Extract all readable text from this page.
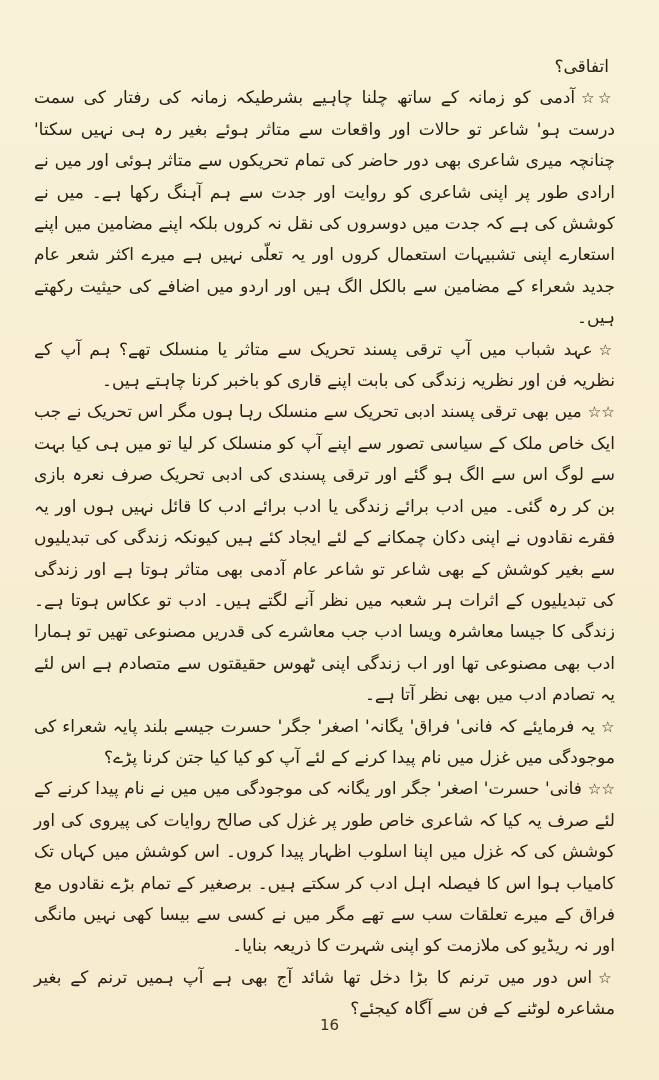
اتفاقی؟

☆☆آدمی کو زمانہ کے ساتھ چلنا چاہیے بشرطیکہ زمانہ کی رفتار کی سمت درست ہو' شاعر تو حالات اور واقعات سے متاثر ہوئے بغیر رہ ہی نہیں سکتا' چنانچہ میری شاعری بھی دور حاضر کی تمام تحریکوں سے متاثر ہوئی اور میں نے ارادی طور پر اپنی شاعری کو روایت اور جدت سے ہم آہنگ رکھا ہے۔ میں نے کوشش کی ہے کہ جدت میں دوسروں کی نقل نہ کروں بلکہ اپنے مضامین میں اپنے استعارے اپنی تشبیہات استعمال کروں اور یہ تعلّی نہیں ہے میرے اکثر شعر عام جدید شعراء کے مضامین سے بالکل الگ ہیں اور اردو میں اضافے کی حیثیت رکھتے ہیں۔

☆عہد شباب میں آپ ترقی پسند تحریک سے متاثر یا منسلک تھے؟ ہم آپ کے نظریہ فن اور نظریہ زندگی کی بابت اپنے قاری کو باخبر کرنا چاہتے ہیں۔

☆☆میں بھی ترقی پسند ادبی تحریک سے منسلک رہا ہوں مگر اس تحریک نے جب ایک خاص ملک کے سیاسی تصور سے اپنے آپ کو منسلک کر لیا تو میں ہی کیا بہت سے لوگ اس سے الگ ہو گئے اور ترقی پسندی کی ادبی تحریک صرف نعرہ بازی بن کر رہ گئی۔ میں ادب برائے زندگی یا ادب برائے ادب کا قائل نہیں ہوں اور یہ فقرے نقادوں نے اپنی دکان چمکانے کے لئے ایجاد کئے ہیں کیونکہ زندگی کی تبدیلیوں سے بغیر کوشش کے بھی شاعر تو شاعر عام آدمی بھی متاثر ہوتا ہے اور زندگی کی تبدیلیوں کے اثرات ہر شعبہ میں نظر آنے لگتے ہیں۔ ادب تو عکاس ہوتا ہے۔ زندگی کا جیسا معاشرہ ویسا ادب جب معاشرے کی قدریں مصنوعی تھیں تو ہمارا ادب بھی مصنوعی تھا اور اب زندگی اپنی ٹھوس حقیقتوں سے متصادم ہے اس لئے یہ تصادم ادب میں بھی نظر آتا ہے۔

☆یہ فرمایئے کہ فانی' فراق' یگانہ' اصغر' جگر' حسرت جیسے بلند پایہ شعراء کی موجودگی میں غزل میں نام پیدا کرنے کے لئے آپ کو کیا کیا جتن کرنا پڑے؟

☆☆فانی' حسرت' اصغر' جگر اور یگانہ کی موجودگی میں میں نے نام پیدا کرنے کے لئے صرف یہ کیا کہ شاعری خاص طور پر غزل کی صالح روایات کی پیروی کی اور کوشش کی کہ غزل میں اپنا اسلوب اظہار پیدا کروں۔ اس کوشش میں کہاں تک کامیاب ہوا اس کا فیصلہ اہل ادب کر سکتے ہیں۔ برصغیر کے تمام بڑے نقادوں مع فراق کے میرے تعلقات سب سے تھے مگر میں نے کسی سے بیسا کھی نہیں مانگی اور نہ ریڈیو کی ملازمت کو اپنی شہرت کا ذریعہ بنایا۔

☆اس دور میں ترنم کا بڑا دخل تھا شائد آج بھی ہے آپ ہمیں ترنم کے بغیر مشاعرہ لوٹنے کے فن سے آگاہ کیجئے؟

16
